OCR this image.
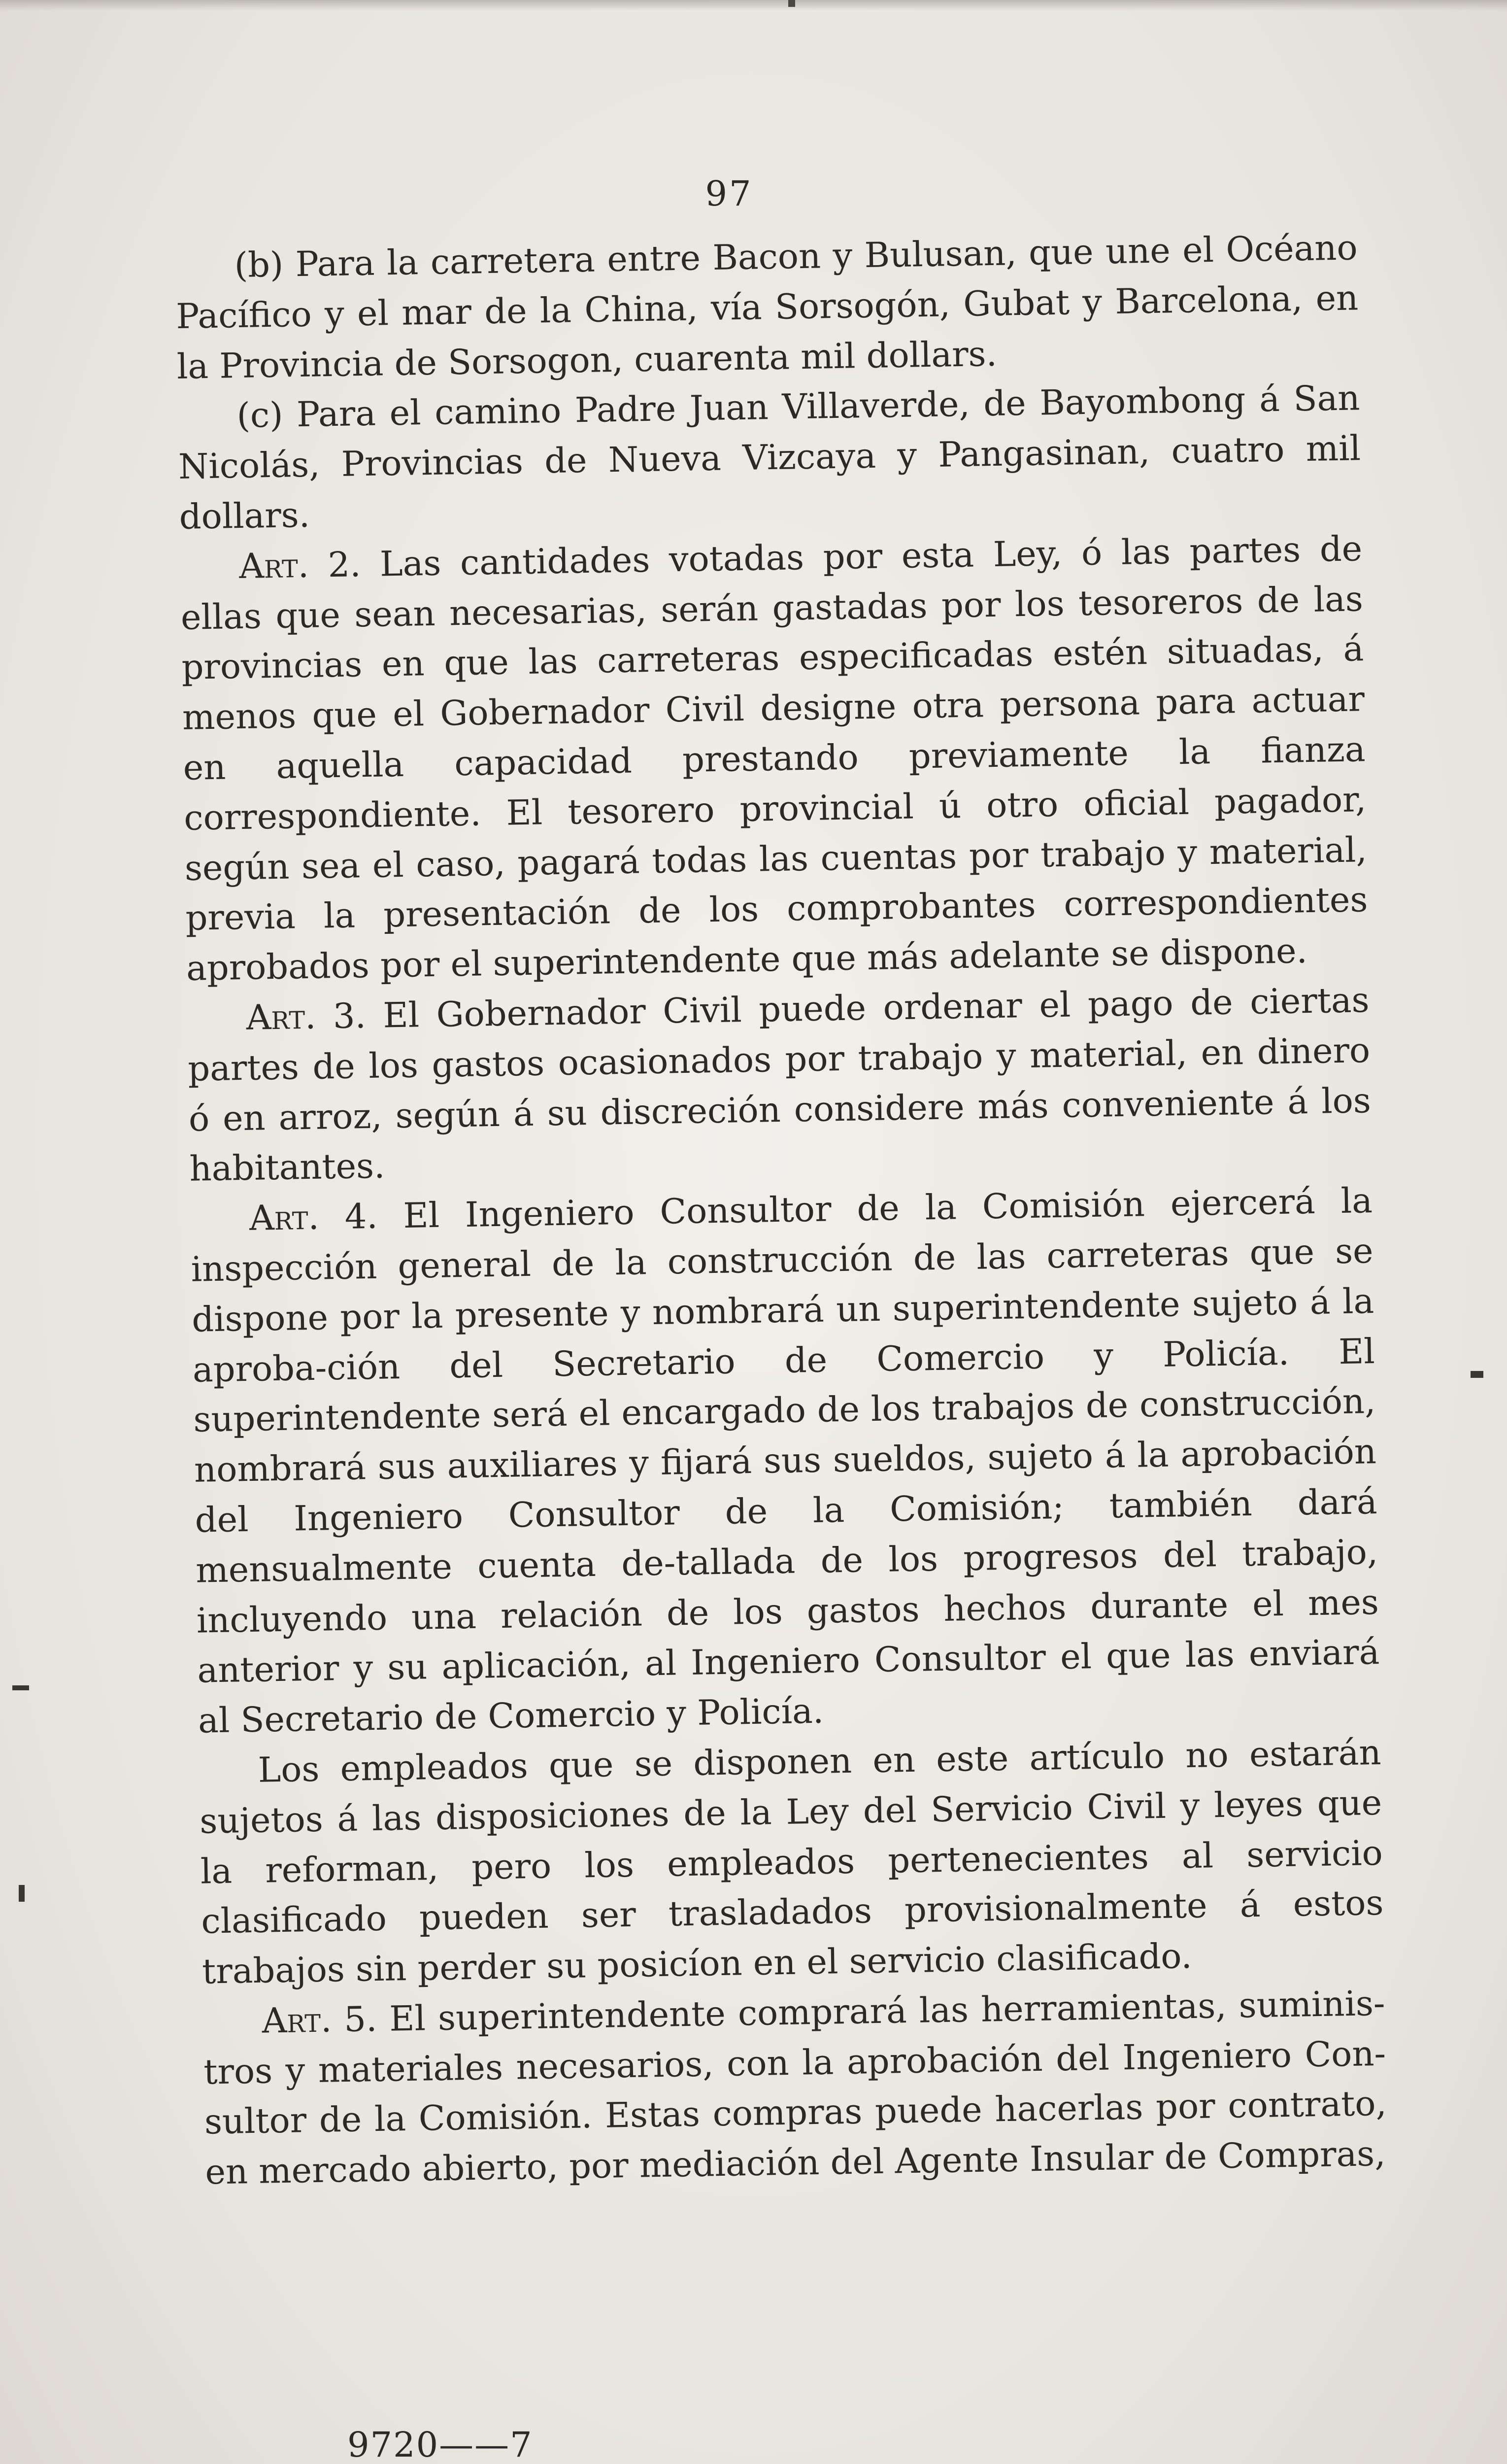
97

(b) Para la carretera entre Bacon y Bulusan, que une el Océano Pacífico y el mar de la China, vía Sorsogón, Gubat y Barcelona, en la Provincia de Sorsogon, cuarenta mil dollars.

(c) Para el camino Padre Juan Villaverde, de Bayombong á San Nicolás, Provincias de Nueva Vizcaya y Pangasinan, cuatro mil dollars.

Art. 2. Las cantidades votadas por esta Ley, ó las partes de ellas que sean necesarias, serán gastadas por los tesoreros de las provincias en que las carreteras especificadas estén situadas, á menos que el Gobernador Civil designe otra persona para actuar en aquella capacidad prestando previamente la fianza correspondiente. El tesorero provincial ú otro oficial pagador, según sea el caso, pagará todas las cuentas por trabajo y material, previa la presentación de los comprobantes correspondientes aprobados por el superintendente que más adelante se dispone.

Art. 3. El Gobernador Civil puede ordenar el pago de ciertas partes de los gastos ocasionados por trabajo y material, en dinero ó en arroz, según á su discreción considere más conveniente á los habitantes.

Art. 4. El Ingeniero Consultor de la Comisión ejercerá la inspección general de la construcción de las carreteras que se dispone por la presente y nombrará un superintendente sujeto á la aproba-ción del Secretario de Comercio y Policía. El superintendente será el encargado de los trabajos de construcción, nombrará sus auxiliares y fijará sus sueldos, sujeto á la aprobación del Ingeniero Consultor de la Comisión; también dará mensualmente cuenta de-tallada de los progresos del trabajo, incluyendo una relación de los gastos hechos durante el mes anterior y su aplicación, al Ingeniero Consultor el que las enviará al Secretario de Comercio y Policía.

Los empleados que se disponen en este artículo no estarán sujetos á las disposiciones de la Ley del Servicio Civil y leyes que la reforman, pero los empleados pertenecientes al servicio clasificado pueden ser trasladados provisionalmente á estos trabajos sin perder su posicíon en el servicio clasificado.

Art. 5. El superintendente comprará las herramientas, suminis-tros y materiales necesarios, con la aprobación del Ingeniero Con-sultor de la Comisión. Estas compras puede hacerlas por contrato, en mercado abierto, por mediación del Agente Insular de Compras,

9720——7
